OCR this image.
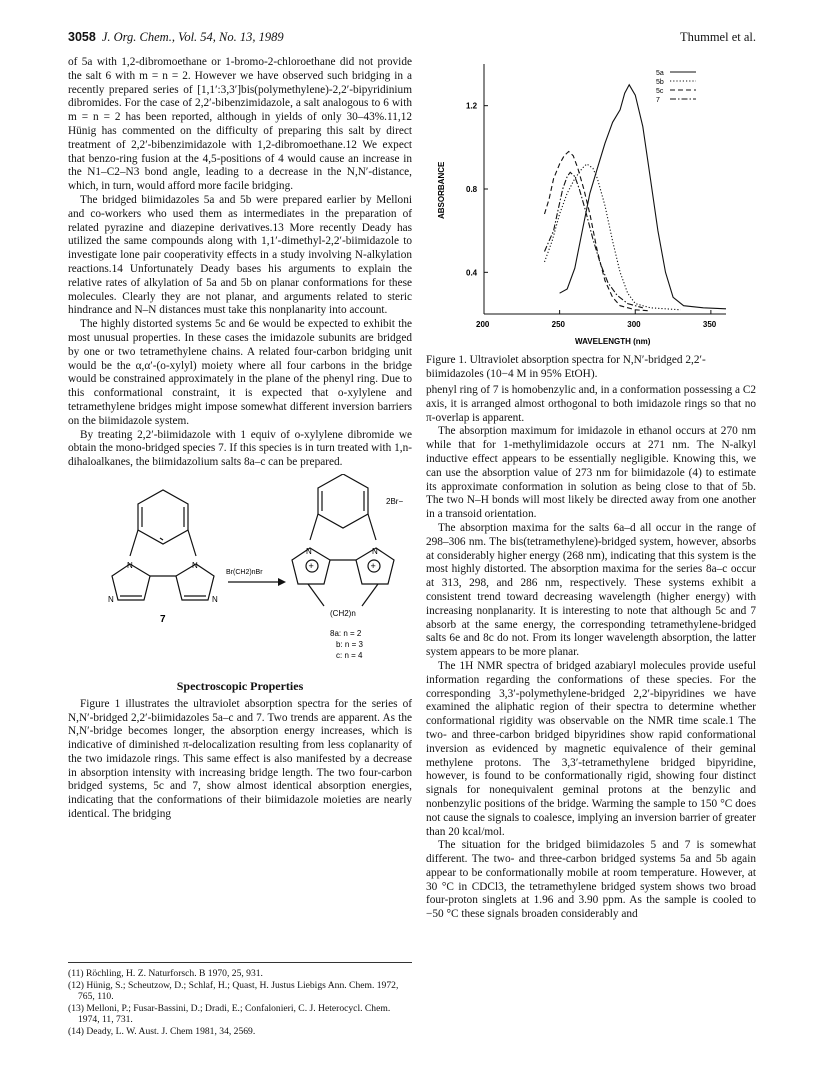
3058 J. Org. Chem., Vol. 54, No. 13, 1989	Thummel et al.

of 5a with 1,2-dibromoethane or 1-bromo-2-chloroethane did not provide the salt 6 with m = n = 2. However we have observed such bridging in a recently prepared series of [1,1′:3,3′]bis(polymethylene)-2,2′-bipyridinium dibromides. For the case of 2,2′-bibenzimidazole, a salt analogous to 6 with m = n = 2 has been reported, although in yields of only 30–43%.11,12 Hünig has commented on the difficulty of preparing this salt by direct treatment of 2,2′-bibenzimidazole with 1,2-dibromoethane.12 We expect that benzo-ring fusion at the 4,5-positions of 4 would cause an increase in the N1–C2–N3 bond angle, leading to a decrease in the N,N′-distance, which, in turn, would afford more facile bridging.

The bridged biimidazoles 5a and 5b were prepared earlier by Melloni and co-workers who used them as intermediates in the preparation of related pyrazine and diazepine derivatives.13 More recently Deady has utilized the same compounds along with 1,1′-dimethyl-2,2′-biimidazole to investigate lone pair cooperativity effects in a study involving N-alkylation reactions.14 Unfortunately Deady bases his arguments to explain the relative rates of alkylation of 5a and 5b on planar conformations for these molecules. Clearly they are not planar, and arguments related to steric hindrance and N–N distances must take this nonplanarity into account.

The highly distorted systems 5c and 6e would be expected to exhibit the most unusual properties. In these cases the imidazole subunits are bridged by one or two tetramethylene chains. A related four-carbon bridging unit would be the α,α′-(o-xylyl) moiety where all four carbons in the bridge would be constrained approximately in the plane of the phenyl ring. Due to this conformational constraint, it is expected that o-xylylene and tetramethylene bridges might impose somewhat different inversion barriers on the biimidazole system.

By treating 2,2′-biimidazole with 1 equiv of o-xylylene dibromide we obtain the mono-bridged species 7. If this species is in turn treated with 1,n-dihaloalkanes, the biimidazolium salts 8a–c can be prepared.

N	N
N	N
7
Br(CH2)nBr
+	+
N	N
2Br−
(CH2)n
8a: n = 2
b: n = 3
c: n = 4
Spectroscopic Properties

Figure 1 illustrates the ultraviolet absorption spectra for the series of N,N′-bridged 2,2′-biimidazoles 5a–c and 7. Two trends are apparent. As the N,N′-bridge becomes longer, the absorption energy increases, which is indicative of diminished π-delocalization resulting from less coplanarity of the two imidazole rings. This same effect is also manifested by a decrease in absorption intensity with increasing bridge length. The two four-carbon bridged systems, 5c and 7, show almost identical absorption energies, indicating that the conformations of their biimidazole moieties are nearly identical. The bridging

(11) Röchling, H. Z. Naturforsch. B 1970, 25, 931.
(12) Hünig, S.; Scheutzow, D.; Schlaf, H.; Quast, H. Justus Liebigs Ann. Chem. 1972, 765, 110.
(13) Melloni, P.; Fusar-Bassini, D.; Dradi, E.; Confalonieri, C. J. Heterocycl. Chem. 1974, 11, 731.
(14) Deady, L. W. Aust. J. Chem 1981, 34, 2569.
200	250	300	350
0.4
0.8
1.2
5a
5b
5c
7
ABSORBANCE
WAVELENGTH (nm)
Figure 1. Ultraviolet absorption spectra for N,N′-bridged 2,2′-biimidazoles (10−4 M in 95% EtOH).

phenyl ring of 7 is homobenzylic and, in a conformation possessing a C2 axis, it is arranged almost orthogonal to both imidazole rings so that no π-overlap is apparent.

The absorption maximum for imidazole in ethanol occurs at 270 nm while that for 1-methylimidazole occurs at 271 nm. The N-alkyl inductive effect appears to be essentially negligible. Knowing this, we can use the absorption value of 273 nm for biimidazole (4) to estimate its approximate conformation in solution as being close to that of 5b. The two N–H bonds will most likely be directed away from one another in a transoid orientation.

The absorption maxima for the salts 6a–d all occur in the range of 298–306 nm. The bis(tetramethylene)-bridged system, however, absorbs at considerably higher energy (268 nm), indicating that this system is the most highly distorted. The absorption maxima for the series 8a–c occur at 313, 298, and 286 nm, respectively. These systems exhibit a consistent trend toward decreasing wavelength (higher energy) with increasing nonplanarity. It is interesting to note that although 5c and 7 absorb at the same energy, the corresponding tetramethylene-bridged salts 6e and 8c do not. From its longer wavelength absorption, the latter system appears to be more planar.

The 1H NMR spectra of bridged azabiaryl molecules provide useful information regarding the conformations of these species. For the corresponding 3,3′-polymethylene-bridged 2,2′-bipyridines we have examined the aliphatic region of their spectra to determine whether conformational rigidity was observable on the NMR time scale.1 The two- and three-carbon bridged bipyridines show rapid conformational inversion as evidenced by magnetic equivalence of their geminal methylene protons. The 3,3′-tetramethylene bridged bipyridine, however, is found to be conformationally rigid, showing four distinct signals for nonequivalent geminal protons at the benzylic and nonbenzylic positions of the bridge. Warming the sample to 150 °C does not cause the signals to coalesce, implying an inversion barrier of greater than 20 kcal/mol.

The situation for the bridged biimidazoles 5 and 7 is somewhat different. The two- and three-carbon bridged systems 5a and 5b again appear to be conformationally mobile at room temperature. However, at 30 °C in CDCl3, the tetramethylene bridged system shows two broad four-proton singlets at 1.96 and 3.90 ppm. As the sample is cooled to −50 °C these signals broaden considerably and
